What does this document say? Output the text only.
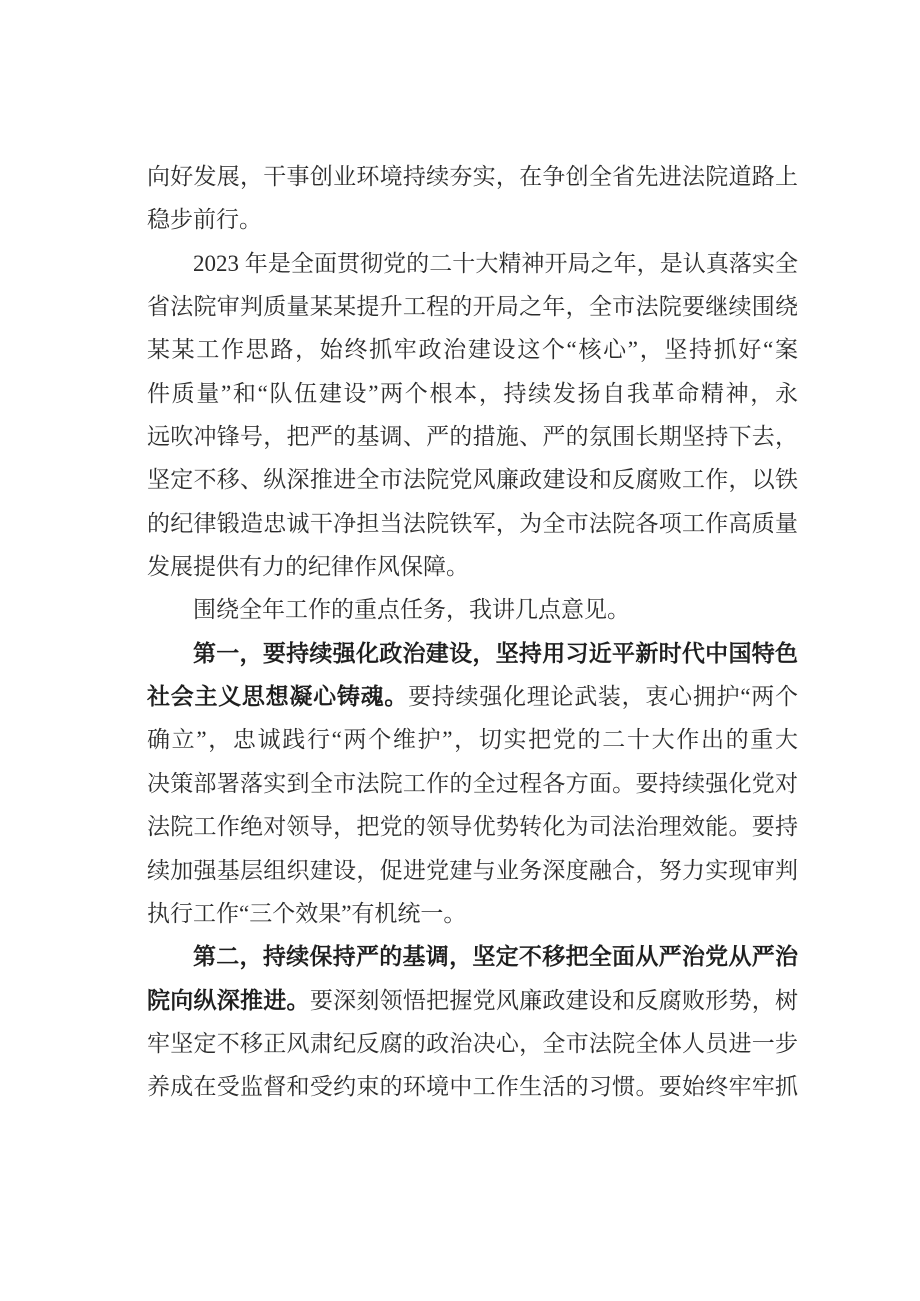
向好发展，干事创业环境持续夯实，在争创全省先进法院道路上
稳步前行。
2023 年是全面贯彻党的二十大精神开局之年，是认真落实全
省法院审判质量某某提升工程的开局之年，全市法院要继续围绕
某某工作思路，始终抓牢政治建设这个“核心”，坚持抓好“案
件质量”和“队伍建设”两个根本，持续发扬自我革命精神，永
远吹冲锋号，把严的基调、严的措施、严的氛围长期坚持下去，
坚定不移、纵深推进全市法院党风廉政建设和反腐败工作，以铁
的纪律锻造忠诚干净担当法院铁军，为全市法院各项工作高质量
发展提供有力的纪律作风保障。
围绕全年工作的重点任务，我讲几点意见。
第一，要持续强化政治建设，坚持用习近平新时代中国特色
社会主义思想凝心铸魂。要持续强化理论武装，衷心拥护“两个
确立”，忠诚践行“两个维护”，切实把党的二十大作出的重大
决策部署落实到全市法院工作的全过程各方面。要持续强化党对
法院工作绝对领导，把党的领导优势转化为司法治理效能。要持
续加强基层组织建设，促进党建与业务深度融合，努力实现审判
执行工作“三个效果”有机统一。
第二，持续保持严的基调，坚定不移把全面从严治党从严治
院向纵深推进。要深刻领悟把握党风廉政建设和反腐败形势，树
牢坚定不移正风肃纪反腐的政治决心，全市法院全体人员进一步
养成在受监督和受约束的环境中工作生活的习惯。要始终牢牢抓
